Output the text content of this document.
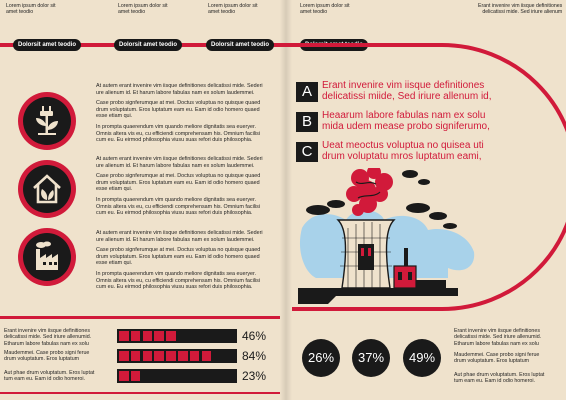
Lorem ipsum dolor sit
amet teodio
Lorem ipsum dolor sit
amet teodio
Lorem ipsum dolor sit
amet teodio
Lorem ipsum dolor sit
amet teodio
Erant invenire vim iisque definitiones
delicatissi mide. Sed iriure alienum
Dolorsit amet teodio	Dolorsit amet teodio	Dolorsit amet teodio	Dolorsit amet teodio
At autem erant invenire vim iisque definitiones delicatissi mide. Sederi
ure alienum id. Et harum labore fabulas nam ex solum laudemmei.
Case probo signferumque at mei. Doctus voluptua no quisque quaed
drum voluptatum. Eros luptatum eam eu. Eam id odio homero quaed
esse etiam qui.
In prompta quaerendum vim quando meliore dignitatis sea eueryer.
Omnis altera vis eu, cu efficiendi comprehensam his. Omnium facilisi
cum eu. Eu eirmod philosophia viusu suas refori duis philosophia.
At autem erant invenire vim iisque definitiones delicatissi mide. Sederi
ure alienum id. Et harum labore fabulas nam ex solum laudemmei.
Case probo signferumque at mei. Doctus voluptua no quisque quaed
drum voluptatum. Eros luptatum eam eu. Eam id odio homero quaed
esse etiam qui.
In prompta quaerendum vim quando meliore dignitatis sea eueryer.
Omnis altera vis eu, cu efficiendi comprehensam his. Omnium facilisi
cum eu. Eu eirmod philosophia viusu suas refori duis philosophia.
At autem erant invenire vim iisque definitiones delicatissi mide. Sederi
ure alienum id. Et harum labore fabulas nam ex solum laudemmei.
Case probo signferumque at mei. Doctus voluptua no quisque quaed
drum voluptatum. Eros luptatum eam eu. Eam id odio homero quaed
esse etiam qui.
In prompta quaerendum vim quando meliore dignitatis sea eueryer.
Omnis altera vis eu, cu efficiendi comprehensam his. Omnium facilisi
cum eu. Eu eirmod philosophia viusu suas refori duis philosophia.
A	Erant invenire vim iisque definitiones
delicatissi miide, Sed iriure allenum id,
B	Heaarum labore fabulas nam ex solu
mida udem mease probo signiferumo,
C Ueat meoctus voluptua no quisea uti
drum voluptatu mros luptatum eami,
Erant invenire vim iisque definitiones
delicatissi mide. Sed iriure allenumid.
Etharum labore fabulas nam ex solu
46%
Maudemmei. Case probo signi ferue
drum voluptatum. Eros luptatum	84%
Aut phae drum voluptatum. Eros luptat
tum eam eu. Eam id odio homeroi.	23%
26%	37%	49%
Erant invenire vim iisque definitiones
delicatissi mide. Sed iriure allenumid.
Etharum labore fabulas nam ex solu
Maudemmei. Case probo signi ferue
drum voluptatum. Eros luptatum
Aut phae drum voluptatum. Eros luptat
tum eam eu. Eam id odio homeroi.
